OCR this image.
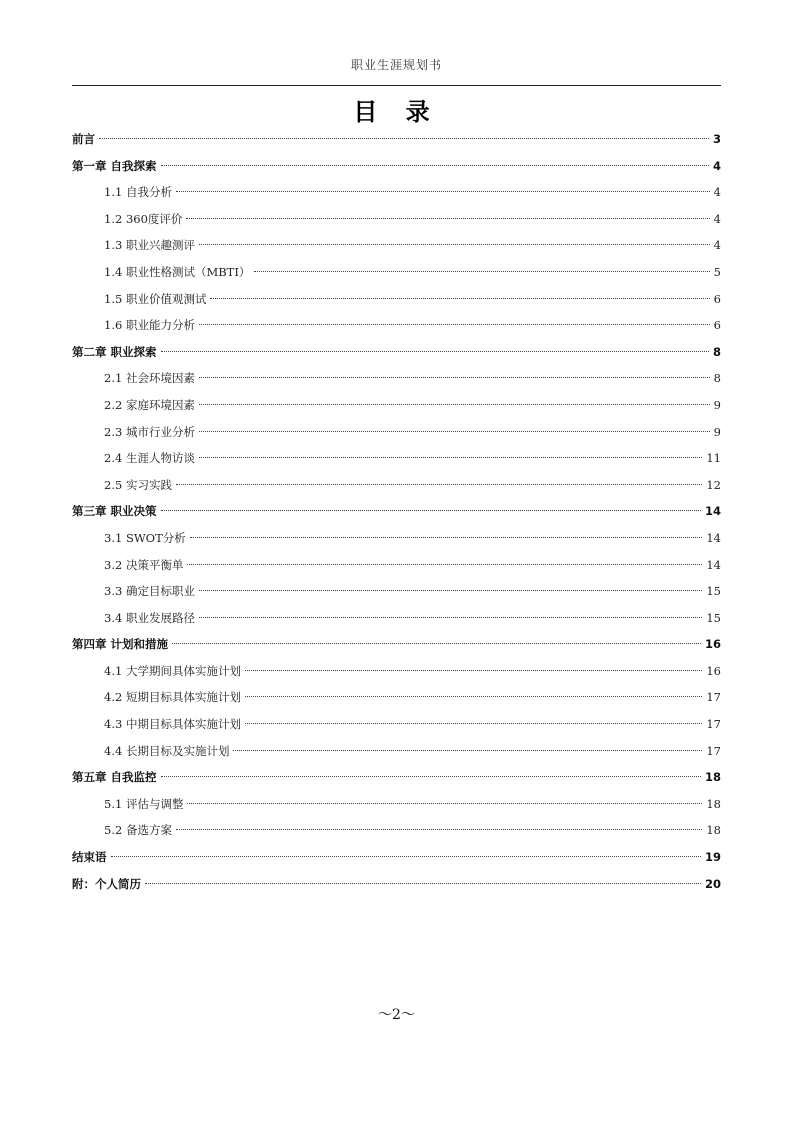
职业生涯规划书
目 录
前言	3
第一章 自我探索	4
1.1 自我分析	4
1.2 360度评价	4
1.3 职业兴趣测评	4
1.4 职业性格测试（MBTI）	5
1.5 职业价值观测试	6
1.6 职业能力分析	6
第二章 职业探索	8
2.1 社会环境因素	8
2.2 家庭环境因素	9
2.3 城市行业分析	9
2.4 生涯人物访谈	11
2.5 实习实践	12
第三章 职业决策	14
3.1 SWOT分析	14
3.2 决策平衡单	14
3.3 确定目标职业	15
3.4 职业发展路径	15
第四章 计划和措施	16
4.1 大学期间具体实施计划	16
4.2 短期目标具体实施计划	17
4.3 中期目标具体实施计划	17
4.4 长期目标及实施计划	17
第五章 自我监控	18
5.1 评估与调整	18
5.2 备选方案	18
结束语	19
附：个人简历	20
～2～
